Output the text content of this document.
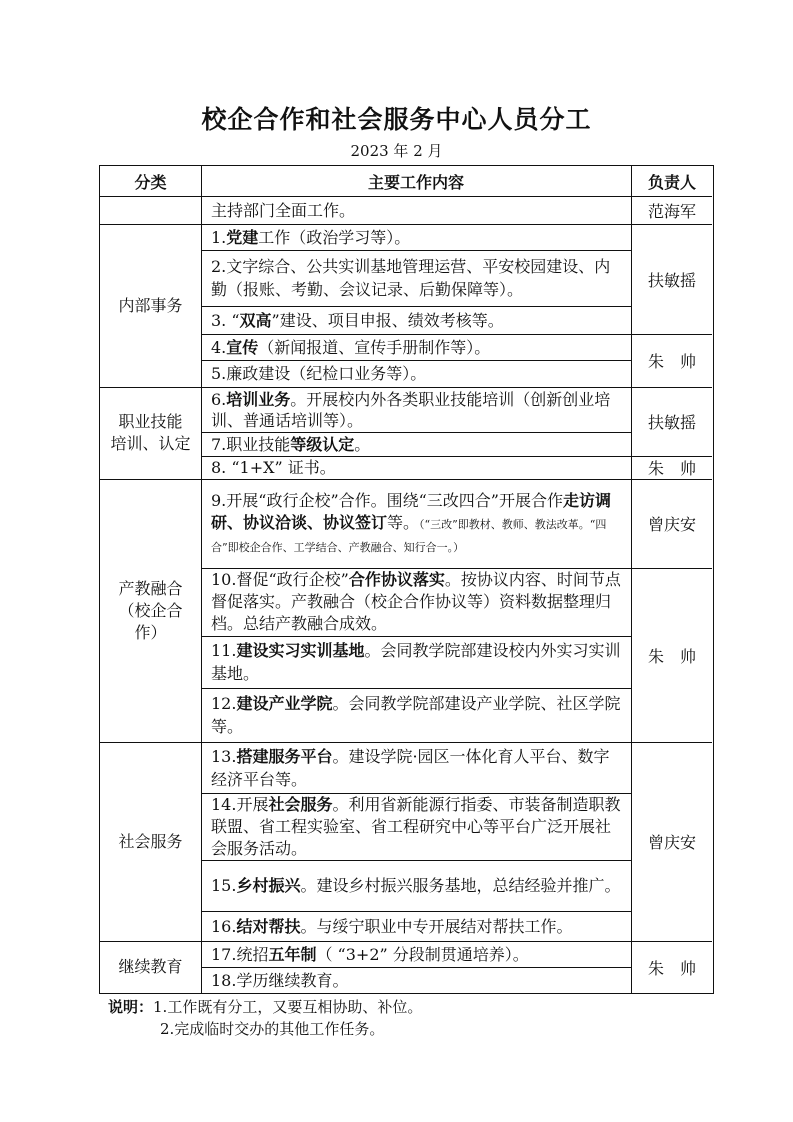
校企合作和社会服务中心人员分工
2023 年 2 月
分类	主要工作内容	负责人
内部事务
职业技能
培训、认定
产教融合
（校企合
作）
社会服务
继续教育
范海军
扶敏摇
朱　帅
扶敏摇
朱　帅
曾庆安
朱　帅
曾庆安
朱　帅
主持部门全面工作。
1.党建工作（政治学习等）。
2.文字综合、公共实训基地管理运营、平安校园建设、内勤（报账、考勤、会议记录、后勤保障等）。
3. “双高”建设、项目申报、绩效考核等。
4.宣传（新闻报道、宣传手册制作等）。
5.廉政建设（纪检口业务等）。
6.培训业务。开展校内外各类职业技能培训（创新创业培训、普通话培训等）。
7.职业技能等级认定。
8. “1+X” 证书。
9.开展“政行企校”合作。围绕“三改四合”开展合作走访调研、协议洽谈、协议签订等。（“三改”即教材、教师、教法改革。“四合”即校企合作、工学结合、产教融合、知行合一。）
10.督促“政行企校”合作协议落实。按协议内容、时间节点督促落实。产教融合（校企合作协议等）资料数据整理归档。总结产教融合成效。
11.建设实习实训基地。会同教学院部建设校内外实习实训基地。
12.建设产业学院。会同教学院部建设产业学院、社区学院等。
13.搭建服务平台。建设学院·园区一体化育人平台、数字经济平台等。
14.开展社会服务。利用省新能源行指委、市装备制造职教联盟、省工程实验室、省工程研究中心等平台广泛开展社会服务活动。
15.乡村振兴。建设乡村振兴服务基地，总结经验并推广。
16.结对帮扶。与绥宁职业中专开展结对帮扶工作。
17.统招五年制（ “3+2” 分段制贯通培养）。
18.学历继续教育。
说明：1.工作既有分工，又要互相协助、补位。
2.完成临时交办的其他工作任务。
